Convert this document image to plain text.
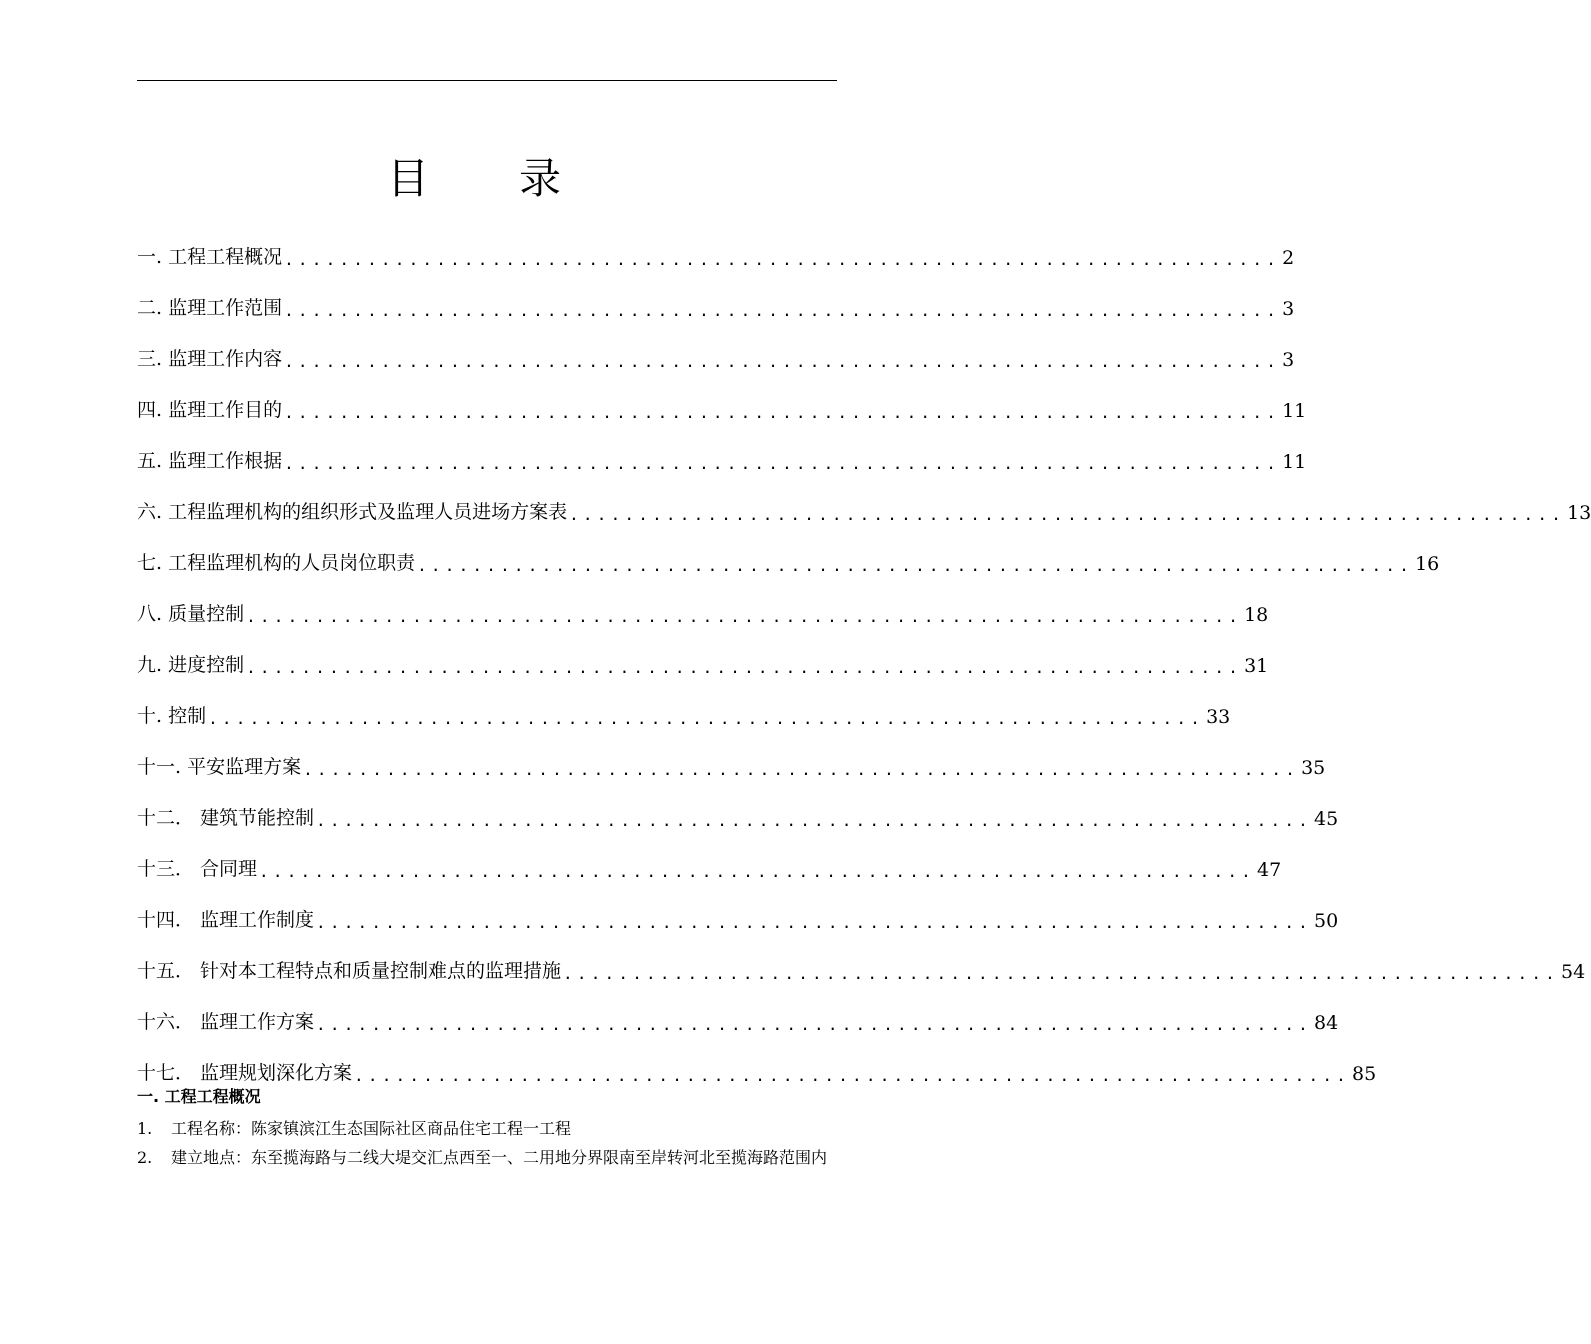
目 录
一. 工程工程概况 ........................................................................ 2
二. 监理工作范围 ........................................................................ 3
三. 监理工作内容 ........................................................................ 3
四. 监理工作目的 ........................................................................ 11
五. 监理工作根据 ........................................................................ 11
六. 工程监理机构的组织形式及监理人员进场方案表 ........................................................................ 13
七. 工程监理机构的人员岗位职责 ........................................................................ 16
八. 质量控制 ........................................................................ 18
九. 进度控制 ........................................................................ 31
十. 控制 ........................................................................ 33
十一. 平安监理方案 ........................................................................ 35
十二． 建筑节能控制 ........................................................................ 45
十三． 合同理 ........................................................................ 47
十四． 监理工作制度 ........................................................................ 50
十五． 针对本工程特点和质量控制难点的监理措施 ........................................................................ 54
十六． 监理工作方案 ........................................................................ 84
十七． 监理规划深化方案 ........................................................................ 85
一. 工程工程概况
1.	工程名称： 陈家镇滨江生态国际社区商品住宅工程一工程
2.	建立地点： 东至揽海路与二线大堤交汇点西至一、二用地分界限南至岸转河北至揽海路范围内
